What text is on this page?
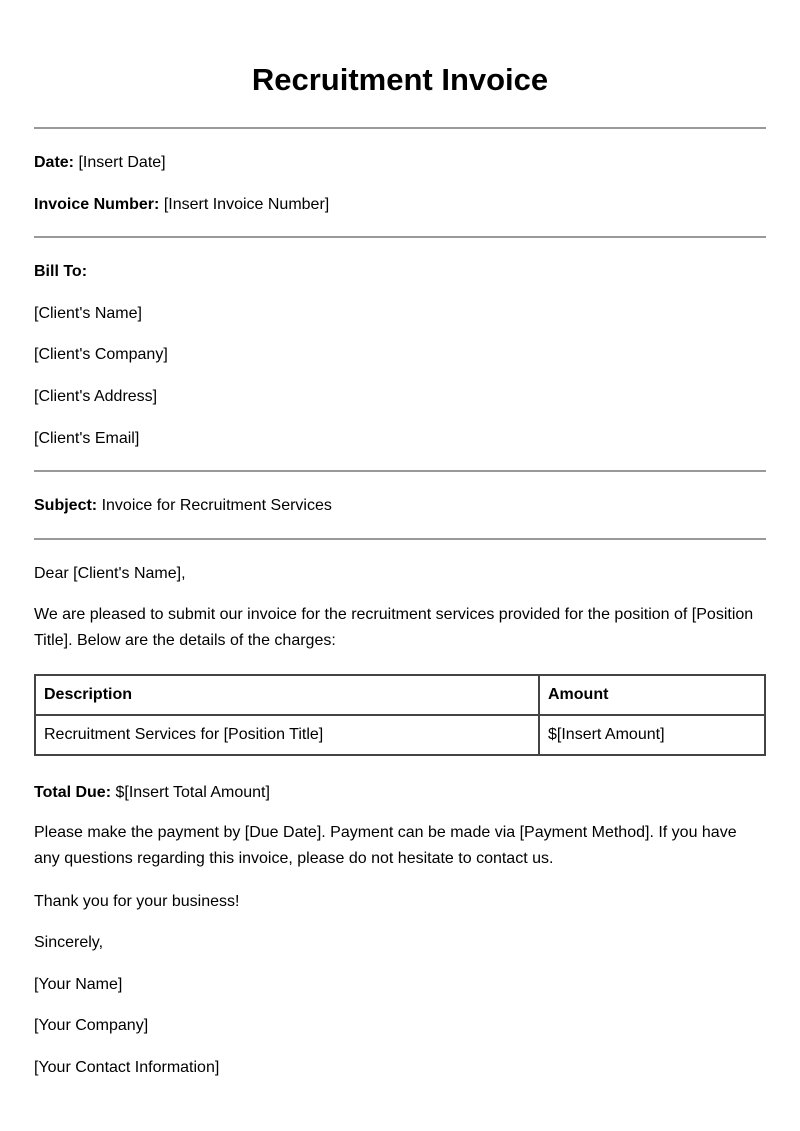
Recruitment Invoice
Date: [Insert Date]
Invoice Number: [Insert Invoice Number]
Bill To:
[Client's Name]
[Client's Company]
[Client's Address]
[Client's Email]
Subject: Invoice for Recruitment Services
Dear [Client's Name],
We are pleased to submit our invoice for the recruitment services provided for the position of [Position Title]. Below are the details of the charges:
Description	Amount
Recruitment Services for [Position Title]	$[Insert Amount]
Total Due: $[Insert Total Amount]
Please make the payment by [Due Date]. Payment can be made via [Payment Method]. If you have any questions regarding this invoice, please do not hesitate to contact us.
Thank you for your business!
Sincerely,
[Your Name]
[Your Company]
[Your Contact Information]
